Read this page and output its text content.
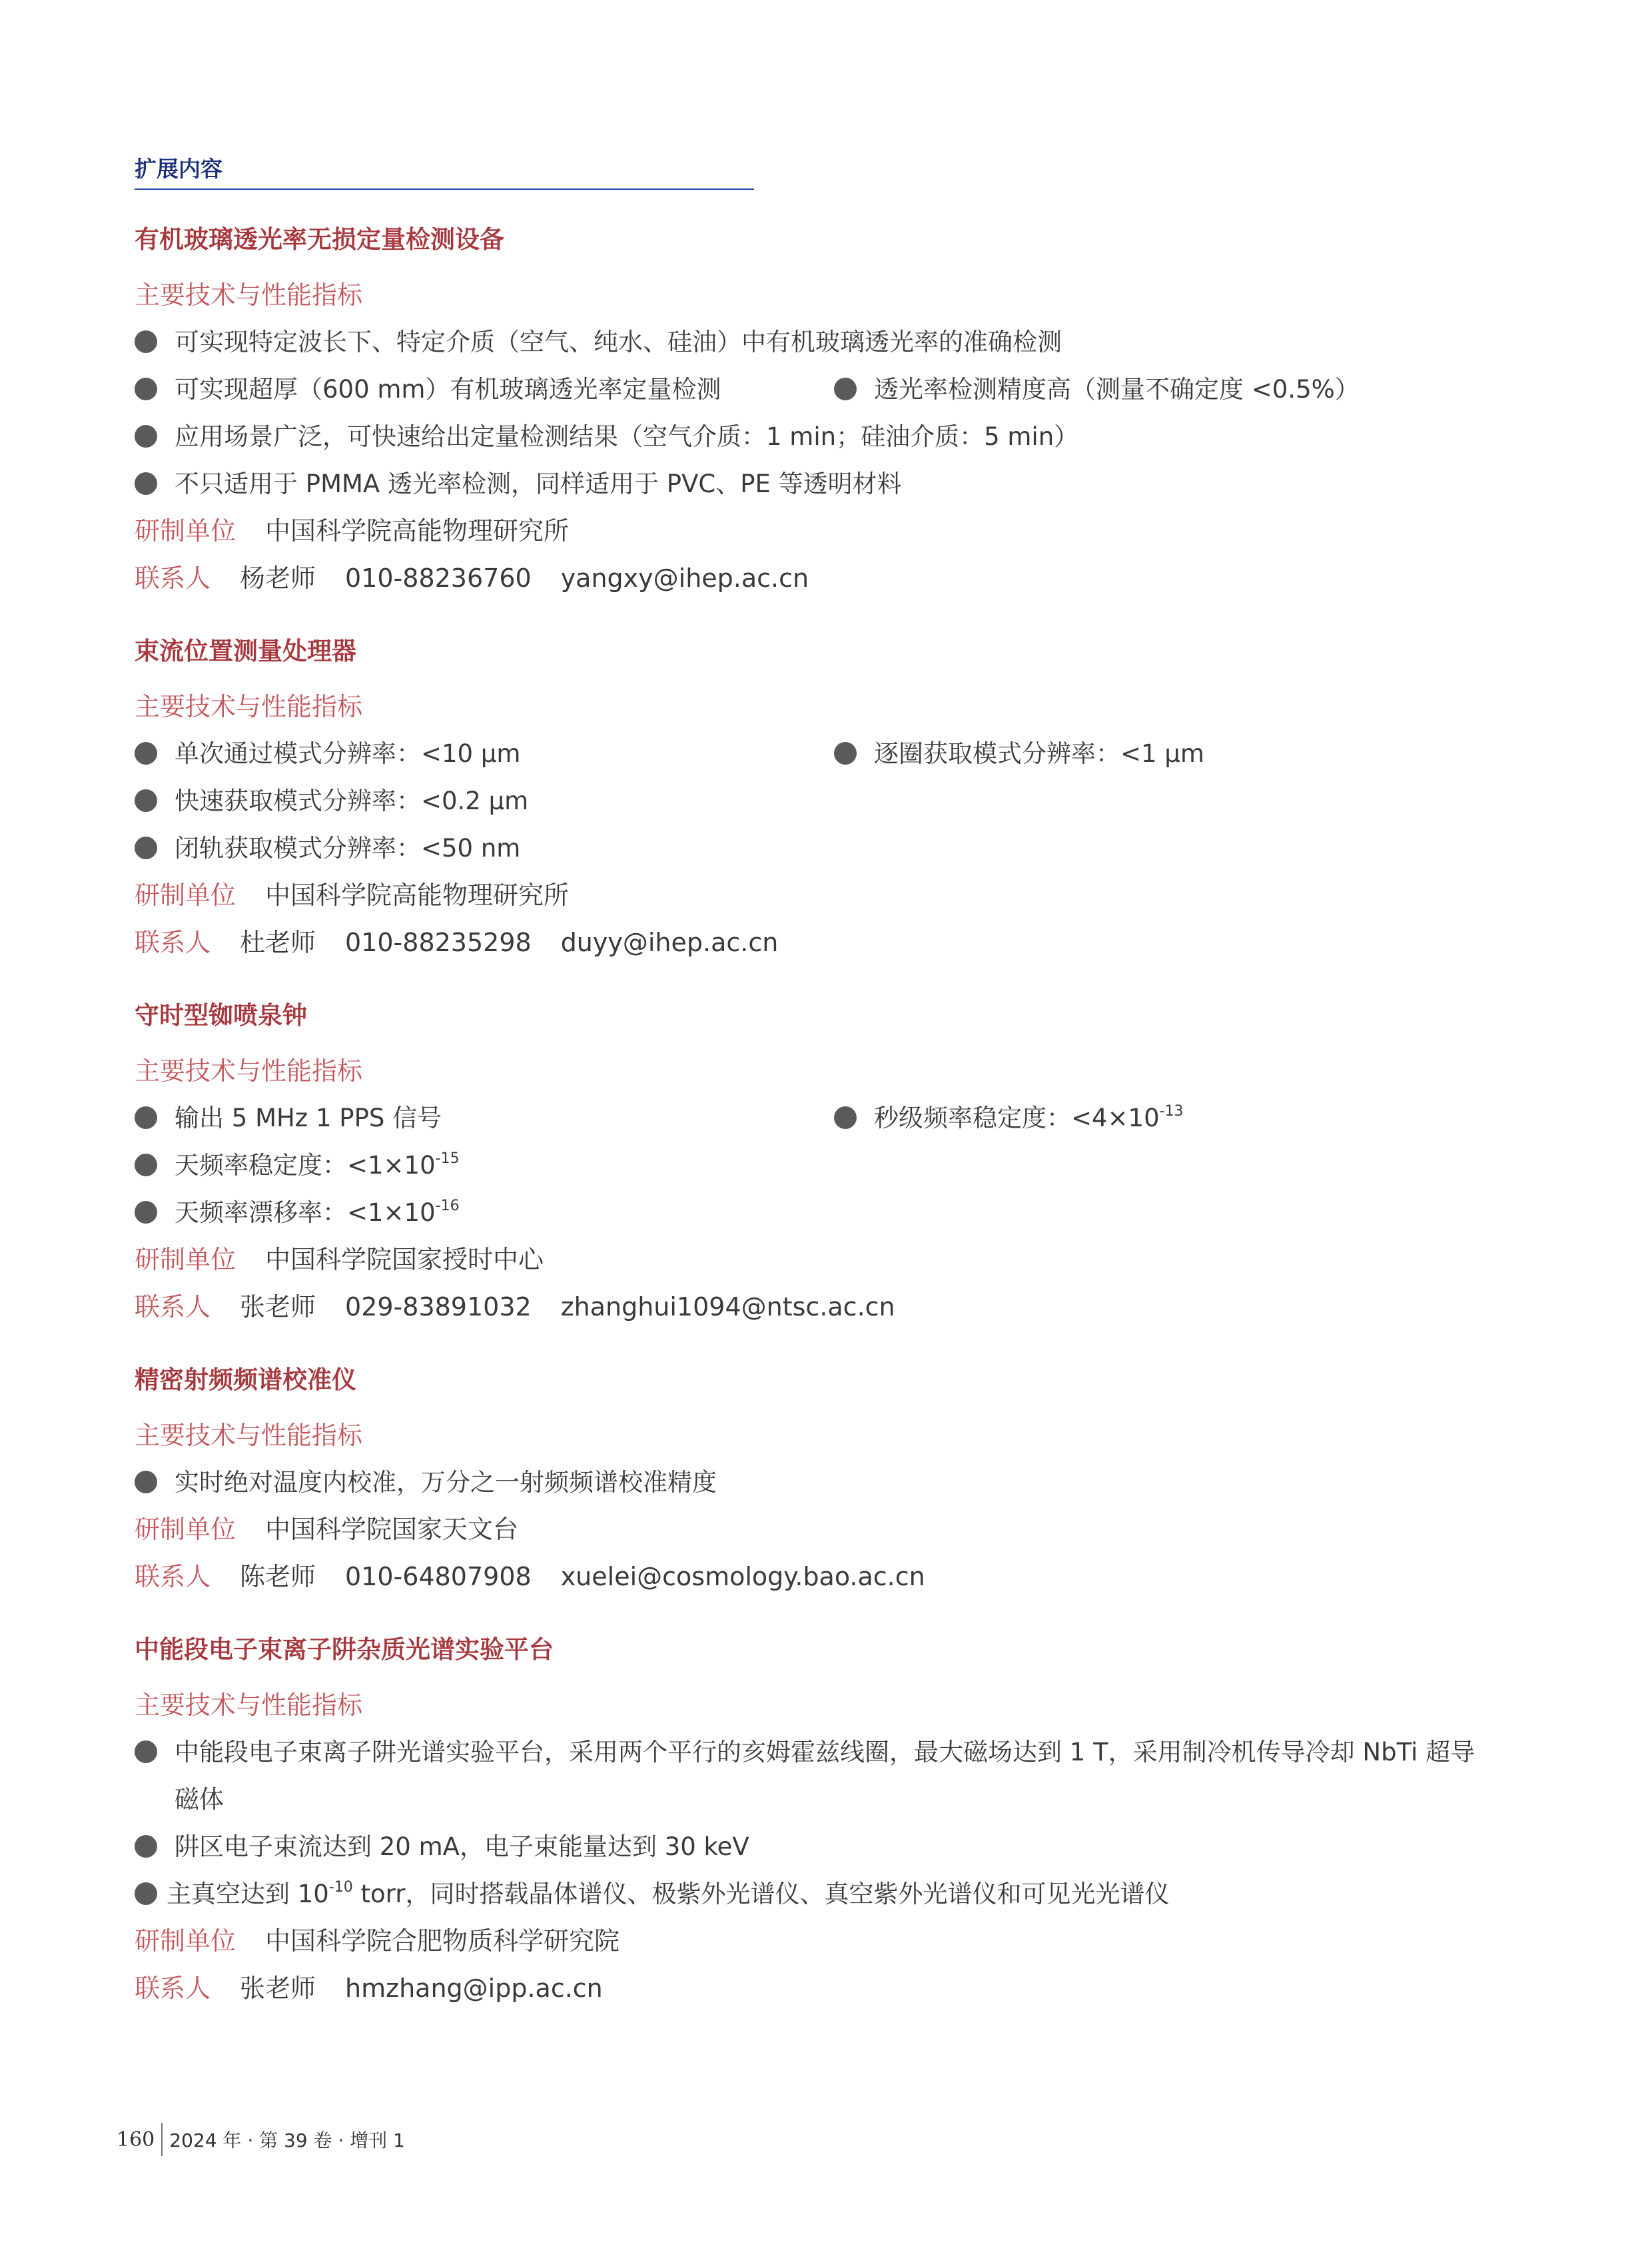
扩展内容
有机玻璃透光率无损定量检测设备
主要技术与性能指标
可实现特定波长下、特定介质（空气、纯水、硅油）中有机玻璃透光率的准确检测
可实现超厚（600 mm）有机玻璃透光率定量检测	透光率检测精度高（测量不确定度 <0.5%）
应用场景广泛，可快速给出定量检测结果（空气介质：1 min；硅油介质：5 min）
不只适用于 PMMA 透光率检测，同样适用于 PVC、PE 等透明材料
研制单位 中国科学院高能物理研究所
联系人 杨老师 010-88236760 yangxy@ihep.ac.cn
束流位置测量处理器
主要技术与性能指标
单次通过模式分辨率：<10 μm	逐圈获取模式分辨率：<1 μm
快速获取模式分辨率：<0.2 μm
闭轨获取模式分辨率：<50 nm
研制单位 中国科学院高能物理研究所
联系人 杜老师 010-88235298 duyy@ihep.ac.cn
守时型铷喷泉钟
主要技术与性能指标
输出 5 MHz 1 PPS 信号	秒级频率稳定度：$<4\times 10^{-13}$
天频率稳定度：$<1\times 10^{-15}$
天频率漂移率：$<1\times 10^{-16}$
研制单位 中国科学院国家授时中心
联系人 张老师 029-83891032 zhanghui1094@ntsc.ac.cn
精密射频频谱校准仪
主要技术与性能指标
实时绝对温度内校准，万分之一射频频谱校准精度
研制单位 中国科学院国家天文台
联系人 陈老师 010-64807908 xuelei@cosmology.bao.ac.cn
中能段电子束离子阱杂质光谱实验平台
主要技术与性能指标
中能段电子束离子阱光谱实验平台，采用两个平行的亥姆霍兹线圈，最大磁场达到 1 T，采用制冷机传导冷却 NbTi 超导磁体
阱区电子束流达到 20 mA，电子束能量达到 30 keV
主真空达到 $10^{-10}$ torr，同时搭载晶体谱仪、极紫外光谱仪、真空紫外光谱仪和可见光光谱仪
研制单位 中国科学院合肥物质科学研究院
联系人 张老师 hmzhang@ipp.ac.cn
160 2024 年 · 第 39 卷 · 增刊 1
